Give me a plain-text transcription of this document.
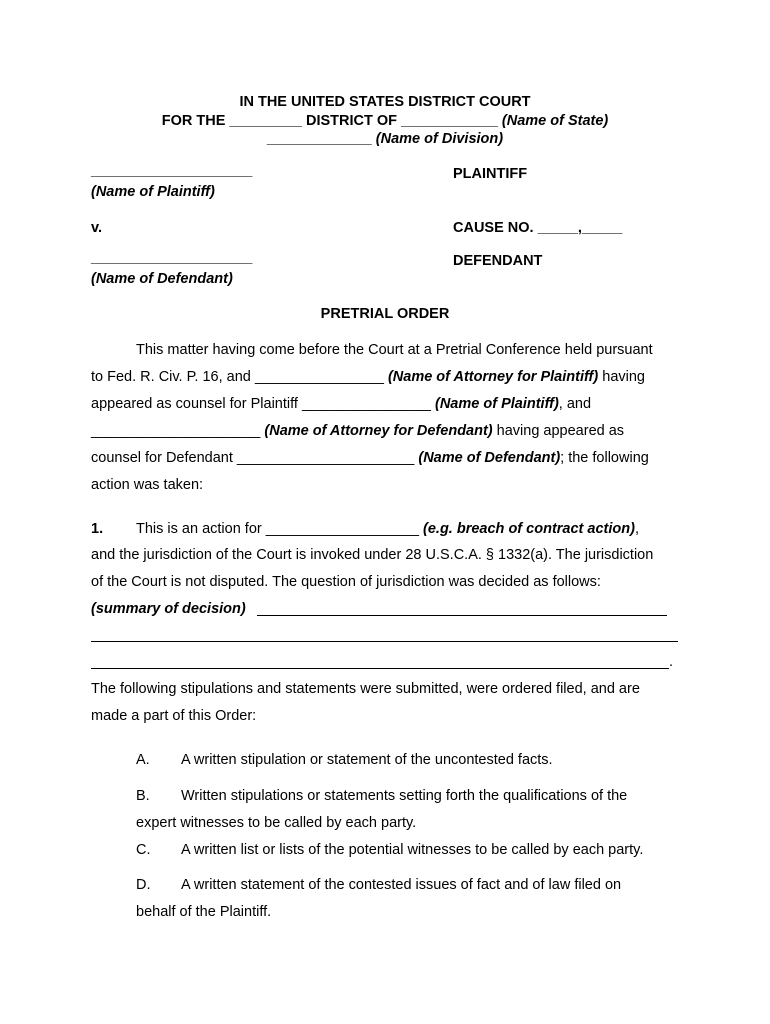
IN THE UNITED STATES DISTRICT COURT
FOR THE _________ DISTRICT OF ____________ (Name of State)
_____________ (Name of Division)
____________________
(Name of Plaintiff)
PLAINTIFF
v.	CAUSE NO. _____,_____
____________________
(Name of Defendant)
DEFENDANT
PRETRIAL ORDER
This matter having come before the Court at a Pretrial Conference held pursuant
to Fed. R. Civ. P. 16, and ________________ (Name of Attorney for Plaintiff) having
appeared as counsel for Plaintiff ________________ (Name of Plaintiff), and
_____________________ (Name of Attorney for Defendant) having appeared as
counsel for Defendant ______________________ (Name of Defendant); the following
action was taken:
1. This is an action for ___________________ (e.g. breach of contract action),
and the jurisdiction of the Court is invoked under 28 U.S.C.A. § 1332(a). The jurisdiction
of the Court is not disputed. The question of jurisdiction was decided as follows:
(summary of decision)
.
The following stipulations and statements were submitted, were ordered filed, and are
made a part of this Order:
A. A written stipulation or statement of the uncontested facts.
B. Written stipulations or statements setting forth the qualifications of the
expert witnesses to be called by each party.
C. A written list or lists of the potential witnesses to be called by each party.
D. A written statement of the contested issues of fact and of law filed on
behalf of the Plaintiff.
